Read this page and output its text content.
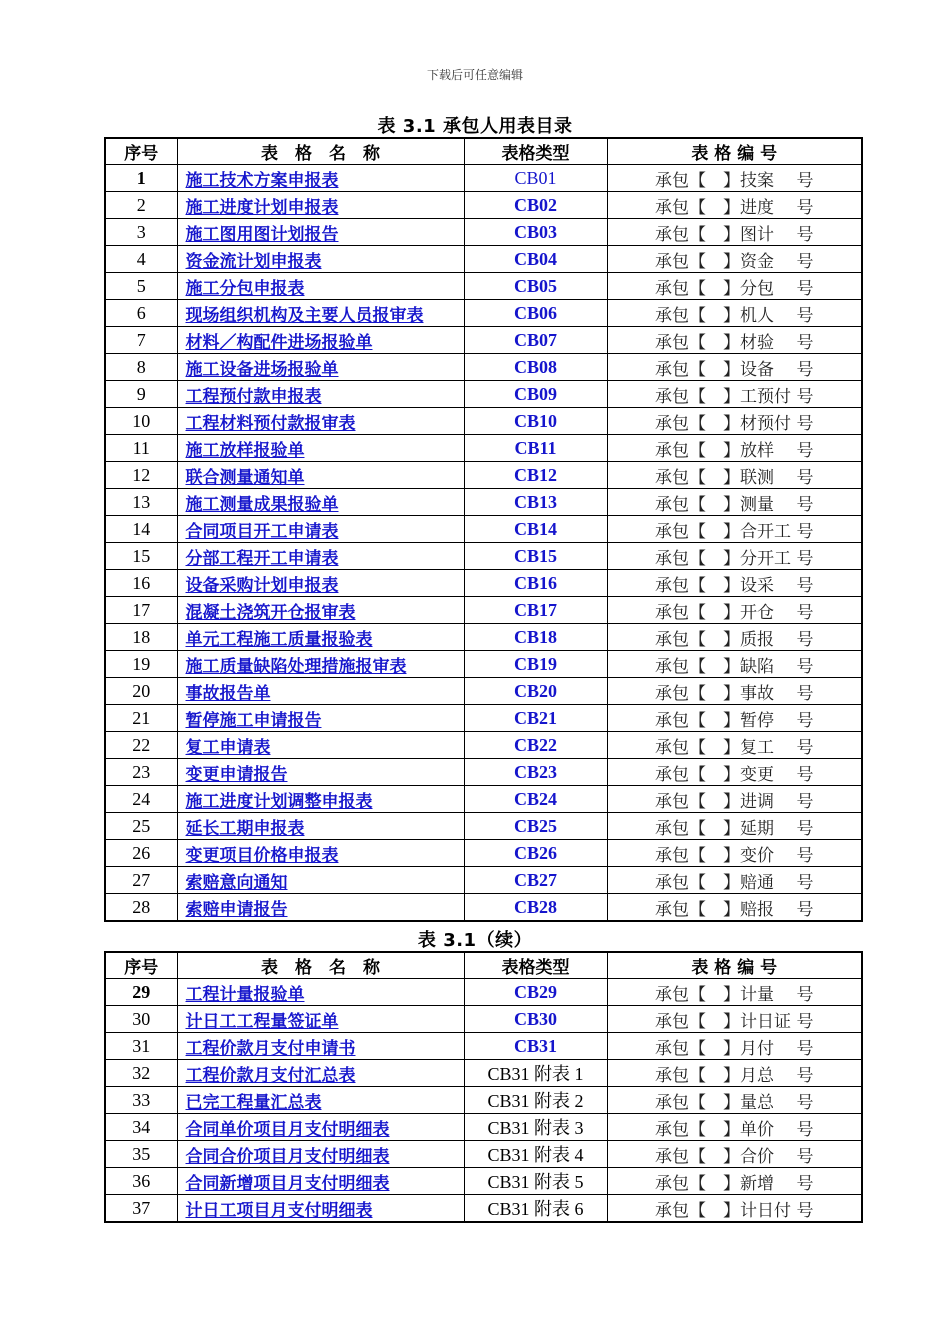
下载后可任意编辑
表 3.1 承包人用表目录
序号	表　格　名　称	表格类型	表 格 编 号
1	施工技术方案申报表	CB01	承包【　】技案　 号
2	施工进度计划申报表	CB02	承包【　】进度　 号
3	施工图用图计划报告	CB03	承包【　】图计　 号
4	资金流计划申报表	CB04	承包【　】资金　 号
5	施工分包申报表	CB05	承包【　】分包　 号
6	现场组织机构及主要人员报审表	CB06	承包【　】机人　 号
7	材料／构配件进场报验单	CB07	承包【　】材验　 号
8	施工设备进场报验单	CB08	承包【　】设备　 号
9	工程预付款申报表	CB09	承包【　】工预付 号
10	工程材料预付款报审表	CB10	承包【　】材预付 号
11	施工放样报验单	CB11	承包【　】放样　 号
12	联合测量通知单	CB12	承包【　】联测　 号
13	施工测量成果报验单	CB13	承包【　】测量　 号
14	合同项目开工申请表	CB14	承包【　】合开工 号
15	分部工程开工申请表	CB15	承包【　】分开工 号
16	设备采购计划申报表	CB16	承包【　】设采　 号
17	混凝土浇筑开仓报审表	CB17	承包【　】开仓　 号
18	单元工程施工质量报验表	CB18	承包【　】质报　 号
19	施工质量缺陷处理措施报审表	CB19	承包【　】缺陷　 号
20	事故报告单	CB20	承包【　】事故　 号
21	暂停施工申请报告	CB21	承包【　】暂停　 号
22	复工申请表	CB22	承包【　】复工　 号
23	变更申请报告	CB23	承包【　】变更　 号
24	施工进度计划调整申报表	CB24	承包【　】进调　 号
25	延长工期申报表	CB25	承包【　】延期　 号
26	变更项目价格申报表	CB26	承包【　】变价　 号
27	索赔意向通知	CB27	承包【　】赔通　 号
28	索赔申请报告	CB28	承包【　】赔报　 号
表 3.1（续）
序号	表　格　名　称	表格类型	表 格 编 号
29	工程计量报验单	CB29	承包【　】计量　 号
30	计日工工程量签证单	CB30	承包【　】计日证 号
31	工程价款月支付申请书	CB31	承包【　】月付　 号
32	工程价款月支付汇总表	CB31 附表 1	承包【　】月总　 号
33	已完工程量汇总表	CB31 附表 2	承包【　】量总　 号
34	合同单价项目月支付明细表	CB31 附表 3	承包【　】单价　 号
35	合同合价项目月支付明细表	CB31 附表 4	承包【　】合价　 号
36	合同新增项目月支付明细表	CB31 附表 5	承包【　】新增　 号
37	计日工项目月支付明细表	CB31 附表 6	承包【　】计日付 号
